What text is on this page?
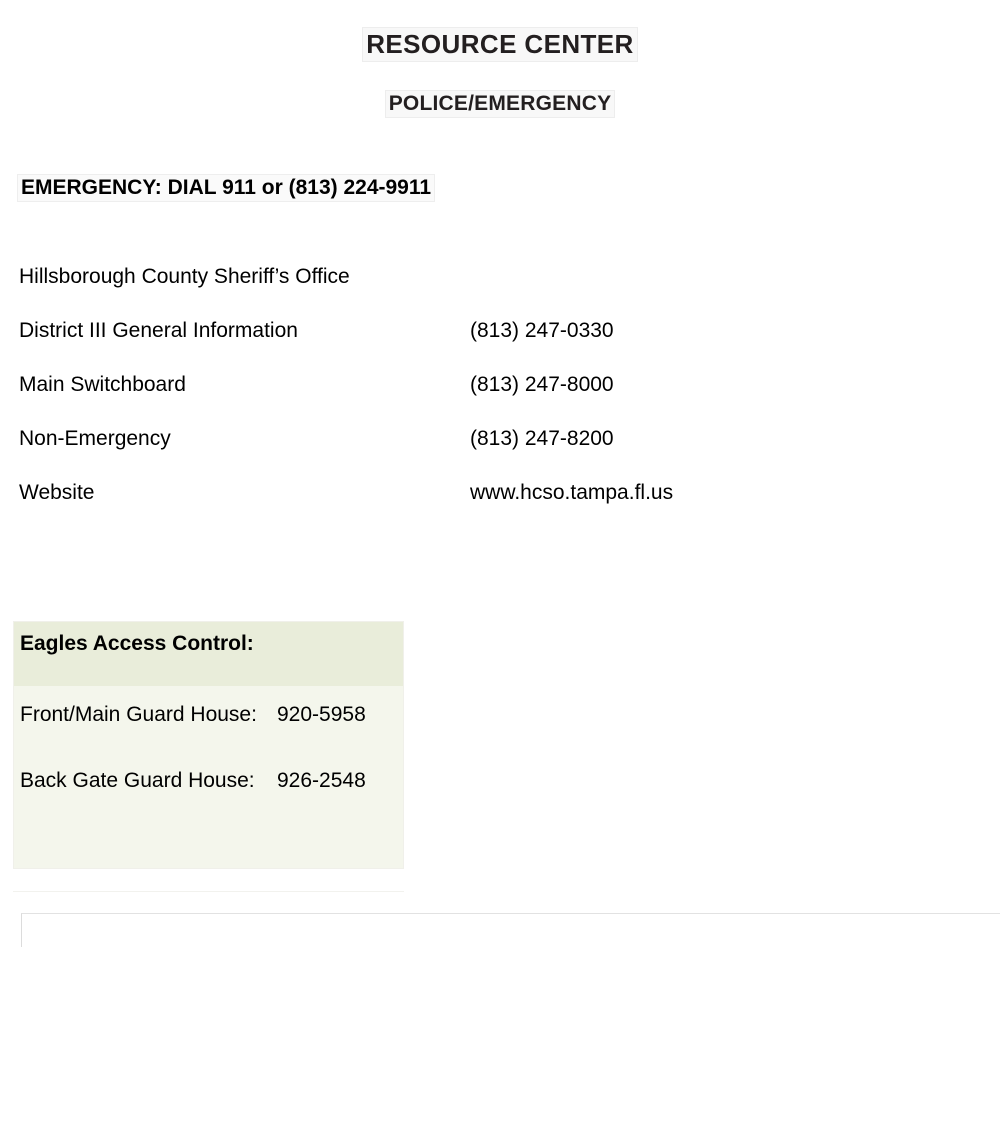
RESOURCE CENTER
POLICE/EMERGENCY
EMERGENCY: DIAL 911 or (813) 224-9911
Hillsborough County Sheriff’s Office
District III General Information	(813) 247-0330
Main Switchboard	(813) 247-8000
Non-Emergency	(813) 247-8200
Website	www.hcso.tampa.fl.us
Eagles Access Control:
Front/Main Guard House: 920-5958
Back Gate Guard House:	926-2548
